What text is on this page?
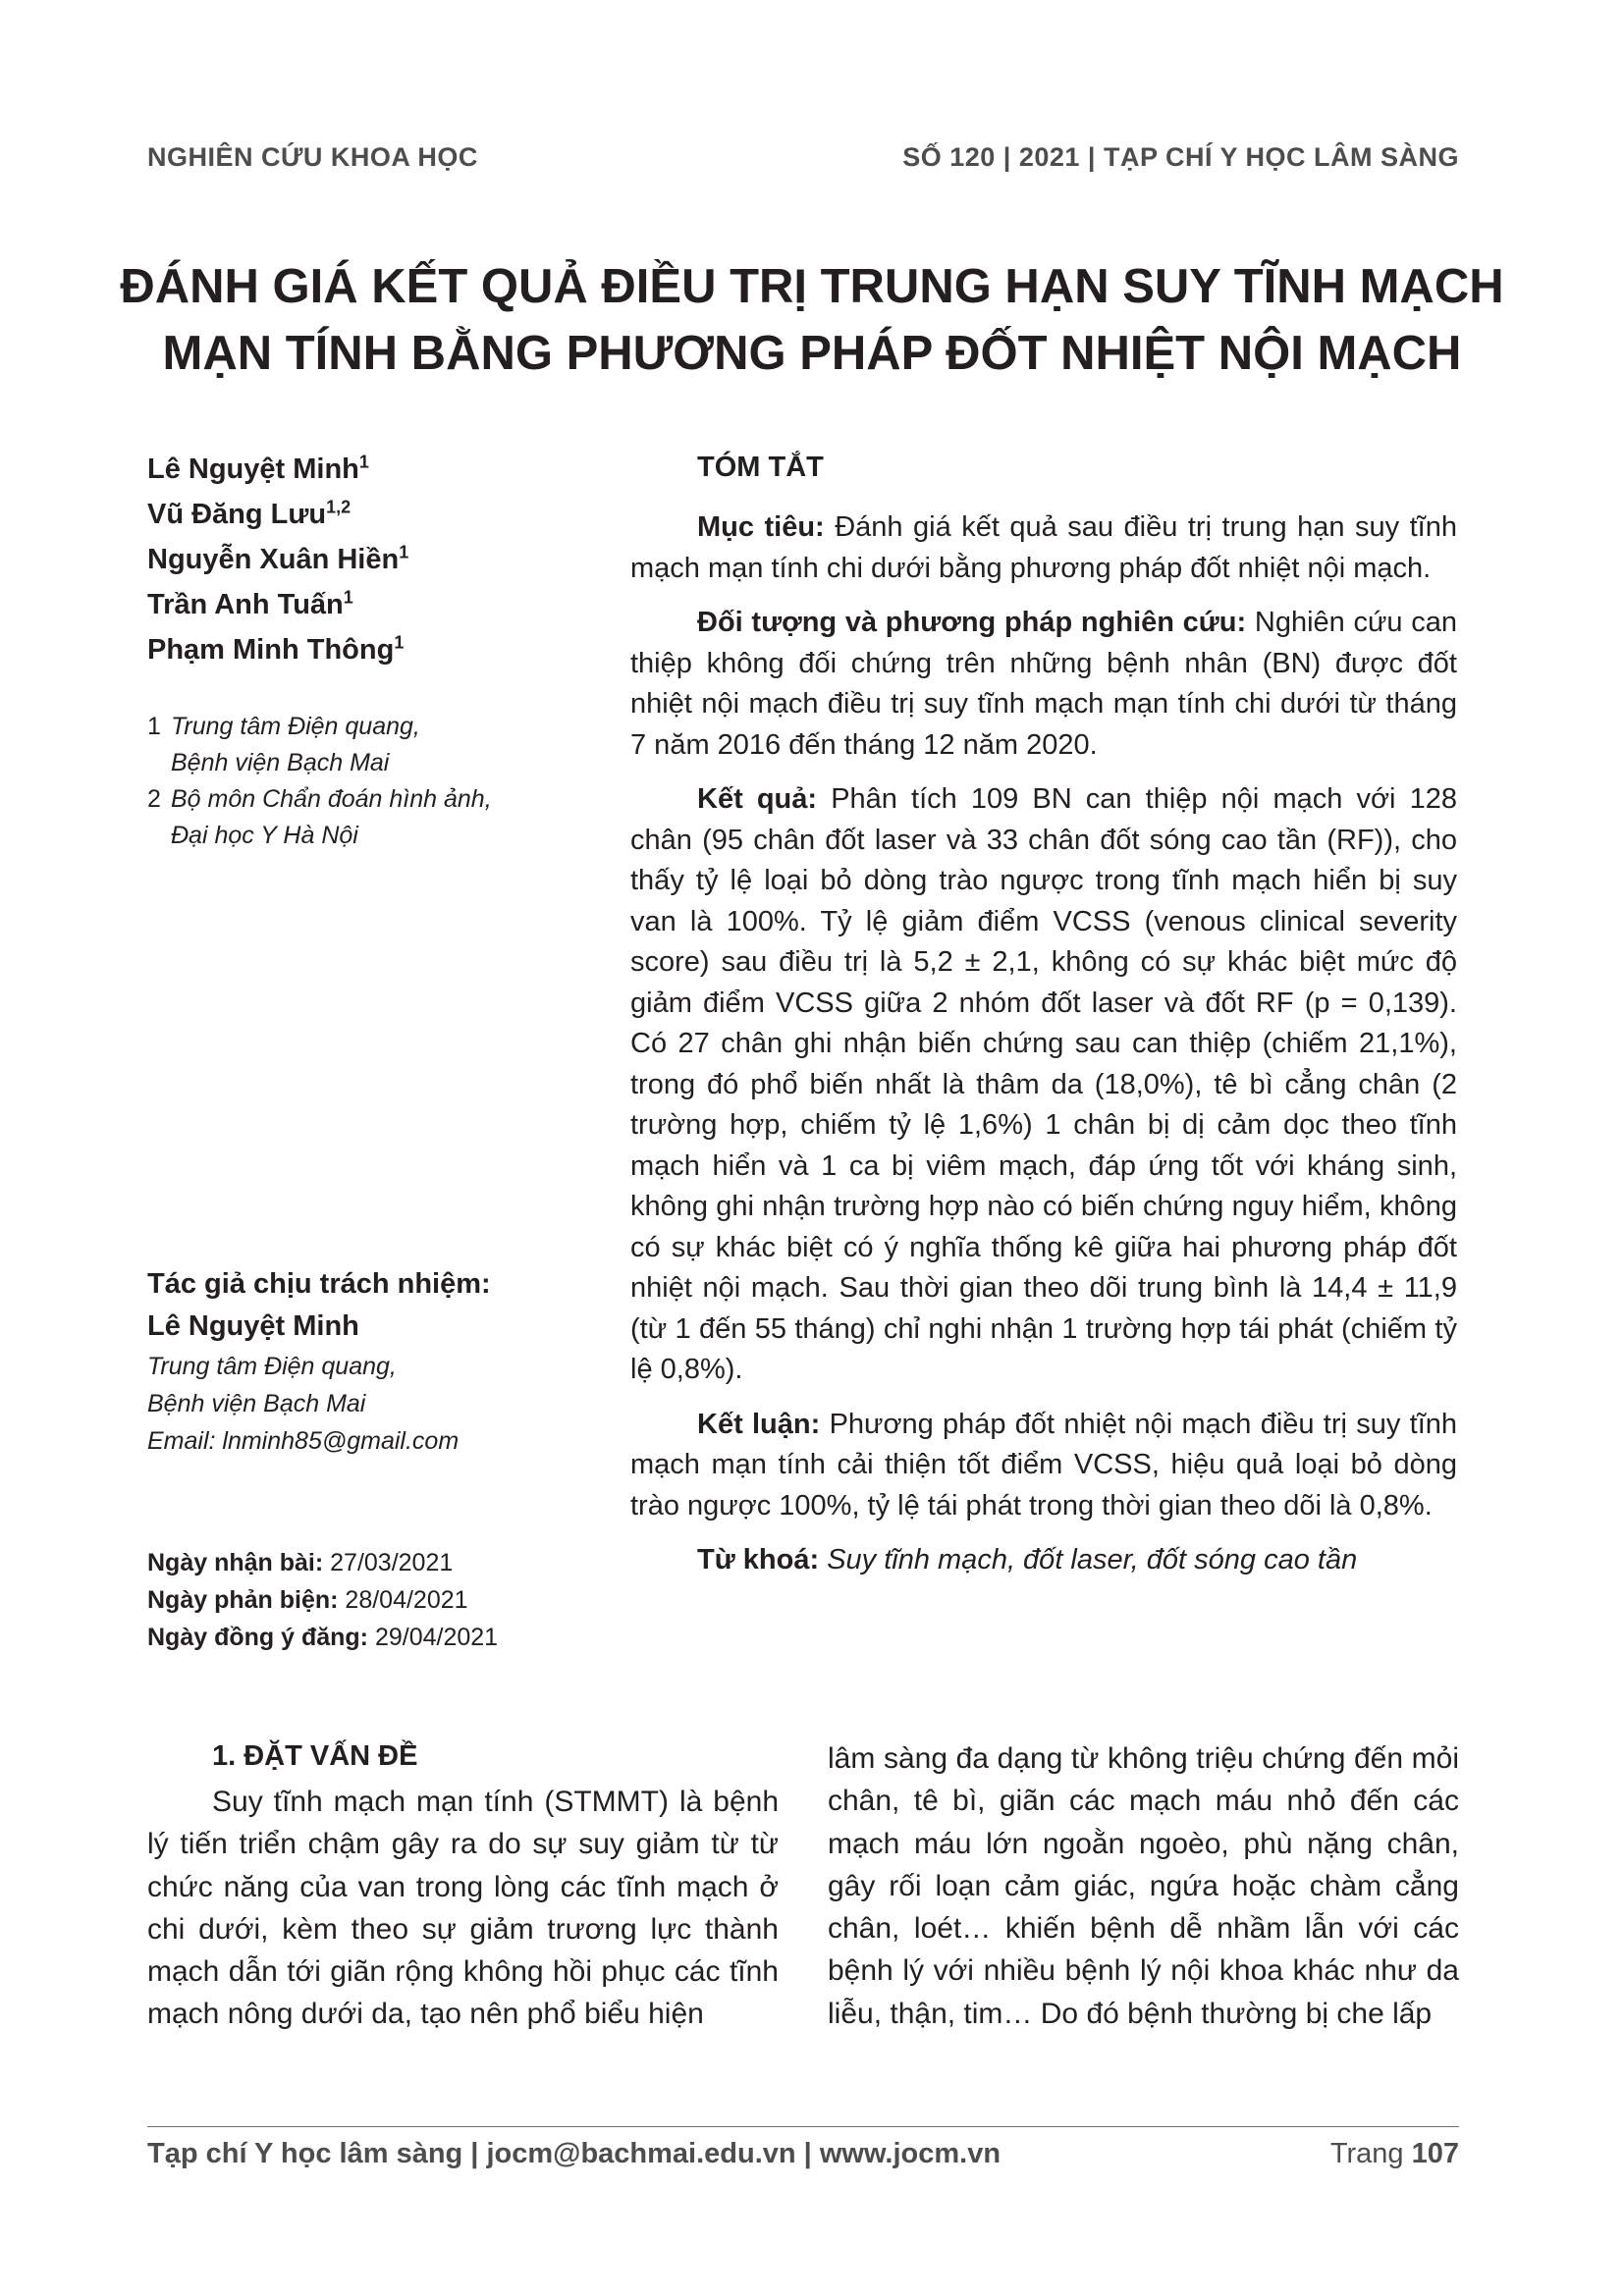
NGHIÊN CỨU KHOA HỌC	SỐ 120 | 2021 | TẠP CHÍ Y HỌC LÂM SÀNG
ĐÁNH GIÁ KẾT QUẢ ĐIỀU TRỊ TRUNG HẠN SUY TĨNH MẠCH
MẠN TÍNH BẰNG PHƯƠNG PHÁP ĐỐT NHIỆT NỘI MẠCH
Lê Nguyệt Minh$^1$
Vũ Đăng Lưu$^{1,2}$
Nguyễn Xuân Hiền$^1$
Trần Anh Tuấn$^1$
Phạm Minh Thông$^1$
1 Trung tâm Điện quang,
Bệnh viện Bạch Mai
2 Bộ môn Chẩn đoán hình ảnh,
Đại học Y Hà Nội
Tác giả chịu trách nhiệm:
Lê Nguyệt Minh
Trung tâm Điện quang,
Bệnh viện Bạch Mai
Email: lnminh85@gmail.com
Ngày nhận bài: 27/03/2021
Ngày phản biện: 28/04/2021
Ngày đồng ý đăng: 29/04/2021
TÓM TẮT

Mục tiêu: Đánh giá kết quả sau điều trị trung hạn suy tĩnh mạch mạn tính chi dưới bằng phương pháp đốt nhiệt nội mạch.

Đối tượng và phương pháp nghiên cứu: Nghiên cứu can thiệp không đối chứng trên những bệnh nhân (BN) được đốt nhiệt nội mạch điều trị suy tĩnh mạch mạn tính chi dưới từ tháng 7 năm 2016 đến tháng 12 năm 2020.

Kết quả: Phân tích 109 BN can thiệp nội mạch với 128 chân (95 chân đốt laser và 33 chân đốt sóng cao tần (RF)), cho thấy tỷ lệ loại bỏ dòng trào ngược trong tĩnh mạch hiển bị suy van là 100%. Tỷ lệ giảm điểm VCSS (venous clinical severity score) sau điều trị là 5,2 ± 2,1, không có sự khác biệt mức độ giảm điểm VCSS giữa 2 nhóm đốt laser và đốt RF (p = 0,139). Có 27 chân ghi nhận biến chứng sau can thiệp (chiếm 21,1%), trong đó phổ biến nhất là thâm da (18,0%), tê bì cẳng chân (2 trường hợp, chiếm tỷ lệ 1,6%) 1 chân bị dị cảm dọc theo tĩnh mạch hiển và 1 ca bị viêm mạch, đáp ứng tốt với kháng sinh, không ghi nhận trường hợp nào có biến chứng nguy hiểm, không có sự khác biệt có ý nghĩa thống kê giữa hai phương pháp đốt nhiệt nội mạch. Sau thời gian theo dõi trung bình là 14,4 ± 11,9 (từ 1 đến 55 tháng) chỉ nghi nhận 1 trường hợp tái phát (chiếm tỷ lệ 0,8%).

Kết luận: Phương pháp đốt nhiệt nội mạch điều trị suy tĩnh mạch mạn tính cải thiện tốt điểm VCSS, hiệu quả loại bỏ dòng trào ngược 100%, tỷ lệ tái phát trong thời gian theo dõi là 0,8%.

Từ khoá: Suy tĩnh mạch, đốt laser, đốt sóng cao tần

1. ĐẶT VẤN ĐỀ
Suy tĩnh mạch mạn tính (STMMT) là bệnh lý tiến triển chậm gây ra do sự suy giảm từ từ chức năng của van trong lòng các tĩnh mạch ở chi dưới, kèm theo sự giảm trương lực thành mạch dẫn tới giãn rộng không hồi phục các tĩnh mạch nông dưới da, tạo nên phổ biểu hiện
lâm sàng đa dạng từ không triệu chứng đến mỏi chân, tê bì, giãn các mạch máu nhỏ đến các mạch máu lớn ngoằn ngoèo, phù nặng chân, gây rối loạn cảm giác, ngứa hoặc chàm cẳng chân, loét… khiến bệnh dễ nhầm lẫn với các bệnh lý với nhiều bệnh lý nội khoa khác như da liễu, thận, tim… Do đó bệnh thường bị che lấp
Tạp chí Y học lâm sàng | jocm@bachmai.edu.vn | www.jocm.vn	Trang 107
